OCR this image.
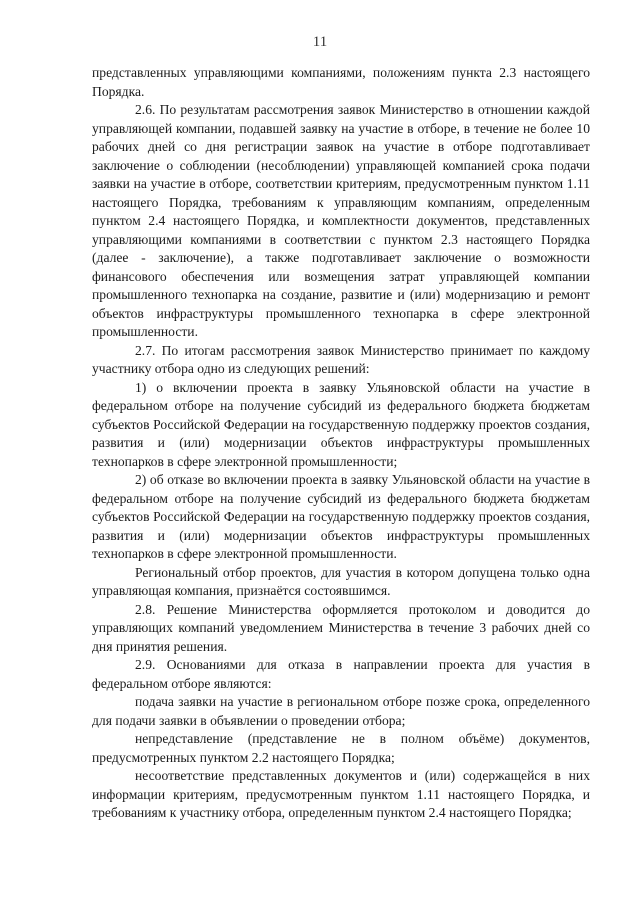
11

представленных управляющими компаниями, положениям пункта 2.3 настоящего Порядка.

2.6. По результатам рассмотрения заявок Министерство в отношении каждой управляющей компании, подавшей заявку на участие в отборе, в течение не более 10 рабочих дней со дня регистрации заявок на участие в отборе подготавливает заключение о соблюдении (несоблюдении) управляющей компанией срока подачи заявки на участие в отборе, соответствии критериям, предусмотренным пунктом 1.11 настоящего Порядка, требованиям к управляющим компаниям, определенным пунктом 2.4 настоящего Порядка, и комплектности документов, представленных управляющими компаниями в соответствии с пунктом 2.3 настоящего Порядка (далее - заключение), а также подготавливает заключение о возможности финансового обеспечения или возмещения затрат управляющей компании промышленного технопарка на создание, развитие и (или) модернизацию и ремонт объектов инфраструктуры промышленного технопарка в сфере электронной промышленности.

2.7. По итогам рассмотрения заявок Министерство принимает по каждому участнику отбора одно из следующих решений:

1) о включении проекта в заявку Ульяновской области на участие в федеральном отборе на получение субсидий из федерального бюджета бюджетам субъектов Российской Федерации на государственную поддержку проектов создания, развития и (или) модернизации объектов инфраструктуры промышленных технопарков в сфере электронной промышленности;

2) об отказе во включении проекта в заявку Ульяновской области на участие в федеральном отборе на получение субсидий из федерального бюджета бюджетам субъектов Российской Федерации на государственную поддержку проектов создания, развития и (или) модернизации объектов инфраструктуры промышленных технопарков в сфере электронной промышленности.

Региональный отбор проектов, для участия в котором допущена только одна управляющая компания, признаётся состоявшимся.

2.8. Решение Министерства оформляется протоколом и доводится до управляющих компаний уведомлением Министерства в течение 3 рабочих дней со дня принятия решения.

2.9. Основаниями для отказа в направлении проекта для участия в федеральном отборе являются:

подача заявки на участие в региональном отборе позже срока, определенного для подачи заявки в объявлении о проведении отбора;

непредставление (представление не в полном объёме) документов, предусмотренных пунктом 2.2 настоящего Порядка;

несоответствие представленных документов и (или) содержащейся в них информации критериям, предусмотренным пунктом 1.11 настоящего Порядка, и требованиям к участнику отбора, определенным пунктом 2.4 настоящего Порядка;
